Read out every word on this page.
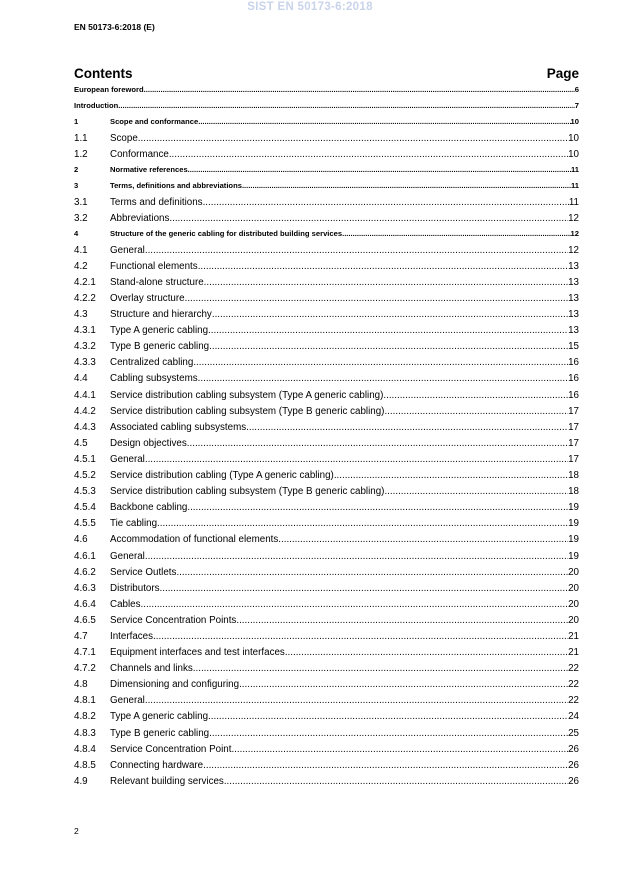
SIST EN 50173-6:2018
EN 50173-6:2018 (E)
Contents	Page
European foreword .....	6
Introduction .....	7
1	Scope and conformance .....	10
1.1	Scope .....	10
1.2	Conformance .....	10
2	Normative references .....	11
3	Terms, definitions and abbreviations .....	11
3.1	Terms and definitions .....	11
3.2	Abbreviations .....	12
4	Structure of the generic cabling for distributed building services .....	12
4.1	General .....	12
4.2	Functional elements .....	13
4.2.1	Stand-alone structure .....	13
4.2.2	Overlay structure .....	13
4.3	Structure and hierarchy .....	13
4.3.1	Type A generic cabling .....	13
4.3.2	Type B generic cabling .....	15
4.3.3	Centralized cabling .....	16
4.4	Cabling subsystems .....	16
4.4.1	Service distribution cabling subsystem (Type A generic cabling) .....	16
4.4.2	Service distribution cabling subsystem (Type B generic cabling) .....	17
4.4.3	Associated cabling subsystems .....	17
4.5	Design objectives .....	17
4.5.1	General .....	17
4.5.2	Service distribution cabling (Type A generic cabling) .....	18
4.5.3	Service distribution cabling subsystem (Type B generic cabling) .....	18
4.5.4	Backbone cabling .....	19
4.5.5	Tie cabling .....	19
4.6	Accommodation of functional elements .....	19
4.6.1	General .....	19
4.6.2	Service Outlets .....	20
4.6.3	Distributors .....	20
4.6.4	Cables .....	20
4.6.5	Service Concentration Points .....	20
4.7	Interfaces .....	21
4.7.1	Equipment interfaces and test interfaces .....	21
4.7.2	Channels and links .....	22
4.8	Dimensioning and configuring .....	22
4.8.1	General .....	22
4.8.2	Type A generic cabling .....	24
4.8.3	Type B generic cabling .....	25
4.8.4	Service Concentration Point .....	26
4.8.5	Connecting hardware .....	26
4.9	Relevant building services .....	26
2
